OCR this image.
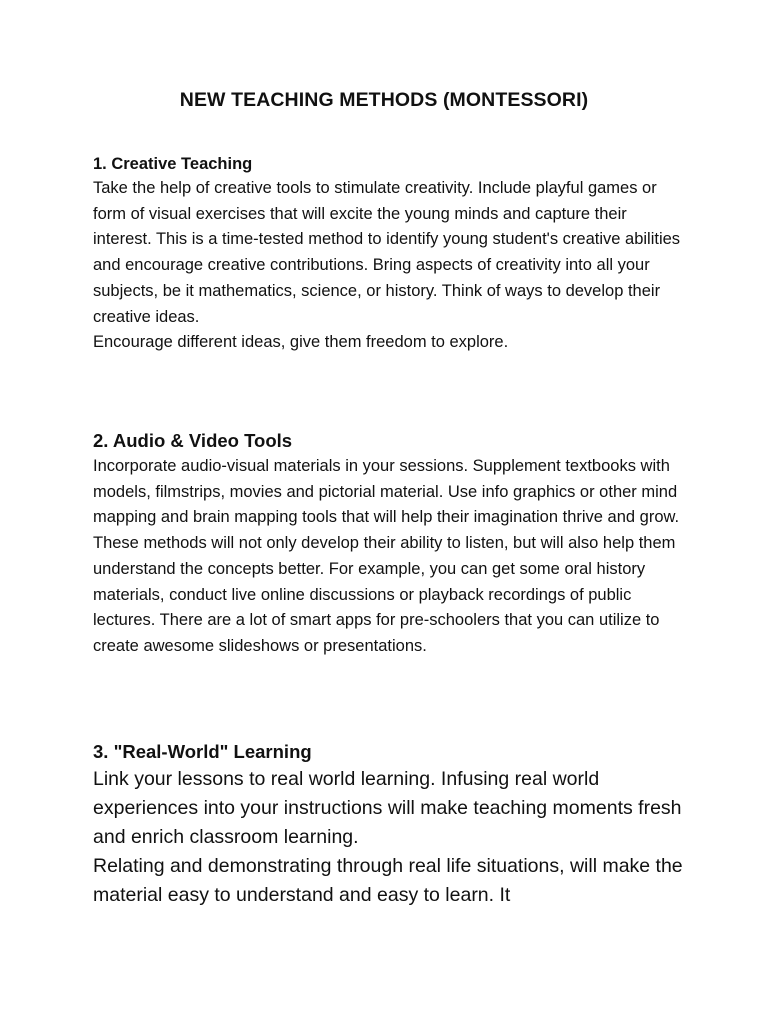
NEW TEACHING METHODS (MONTESSORI)
1. Creative Teaching

Take the help of creative tools to stimulate creativity. Include playful games or form of visual exercises that will excite the young minds and capture their interest. This is a time-tested method to identify young student's creative abilities and encourage creative contributions. Bring aspects of creativity into all your subjects, be it mathematics, science, or history. Think of ways to develop their creative ideas.

Encourage different ideas, give them freedom to explore.

2. Audio & Video Tools

Incorporate audio-visual materials in your sessions. Supplement textbooks with models, filmstrips, movies and pictorial material. Use info graphics or other mind mapping and brain mapping tools that will help their imagination thrive and grow.

These methods will not only develop their ability to listen, but will also help them understand the concepts better. For example, you can get some oral history materials, conduct live online discussions or playback recordings of public lectures. There are a lot of smart apps for pre-schoolers that you can utilize to create awesome slideshows or presentations.

3. "Real-World" Learning

Link your lessons to real world learning. Infusing real world experiences into your instructions will make teaching moments fresh and enrich classroom learning.

Relating and demonstrating through real life situations, will make the material easy to understand and easy to learn. It
